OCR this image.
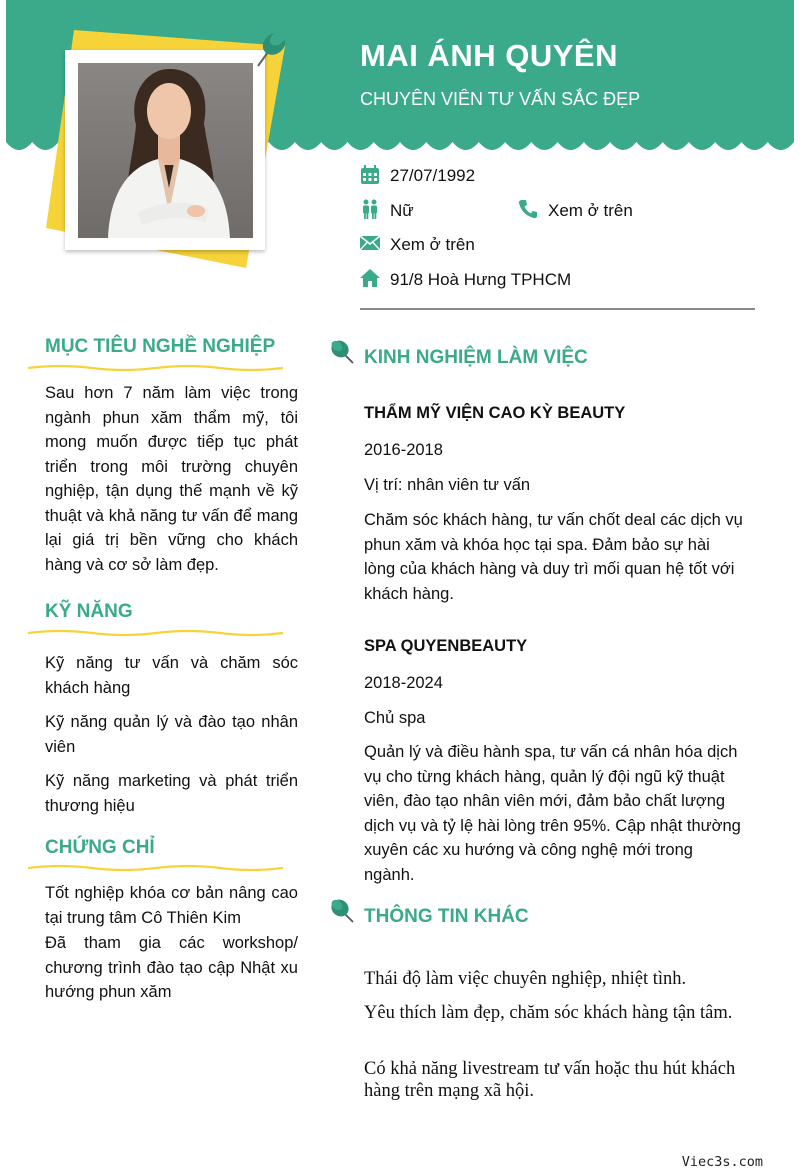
MAI ÁNH QUYÊN
CHUYÊN VIÊN TƯ VẤN SẮC ĐẸP
27/07/1992
Nữ	Xem ở trên
Xem ở trên
91/8 Hoà Hưng TPHCM
MỤC TIÊU NGHỀ NGHIỆP
Sau hơn 7 năm làm việc trong ngành phun xăm thẩm mỹ, tôi mong muốn được tiếp tục phát triển trong môi trường chuyên nghiệp, tận dụng thế mạnh về kỹ thuật và khả năng tư vấn để mang lại giá trị bền vững cho khách hàng và cơ sở làm đẹp.
KỸ NĂNG
Kỹ năng tư vấn và chăm sóc khách hàng
Kỹ năng quản lý và đào tạo nhân viên
Kỹ năng marketing và phát triển thương hiệu
CHỨNG CHỈ
Tốt nghiệp khóa cơ bản nâng cao tại trung tâm Cô Thiên Kim
Đã tham gia các workshop/ chương trình đào tạo cập Nhật xu hướng phun xăm
KINH NGHIỆM LÀM VIỆC
THẨM MỸ VIỆN CAO KỲ BEAUTY
2016-2018
Vị trí: nhân viên tư vấn
Chăm sóc khách hàng, tư vấn chốt deal các dịch vụ phun xăm và khóa học tại spa. Đảm bảo sự hài lòng của khách hàng và duy trì mối quan hệ tốt với khách hàng.
SPA QUYENBEAUTY
2018-2024
Chủ spa
Quản lý và điều hành spa, tư vấn cá nhân hóa dịch vụ cho từng khách hàng, quản lý đội ngũ kỹ thuật viên, đào tạo nhân viên mới, đảm bảo chất lượng dịch vụ và tỷ lệ hài lòng trên 95%. Cập nhật thường xuyên các xu hướng và công nghệ mới trong ngành.
THÔNG TIN KHÁC
Thái độ làm việc chuyên nghiệp, nhiệt tình.
Yêu thích làm đẹp, chăm sóc khách hàng tận tâm.
Có khả năng livestream tư vấn hoặc thu hút khách hàng trên mạng xã hội.
Viec3s.com
